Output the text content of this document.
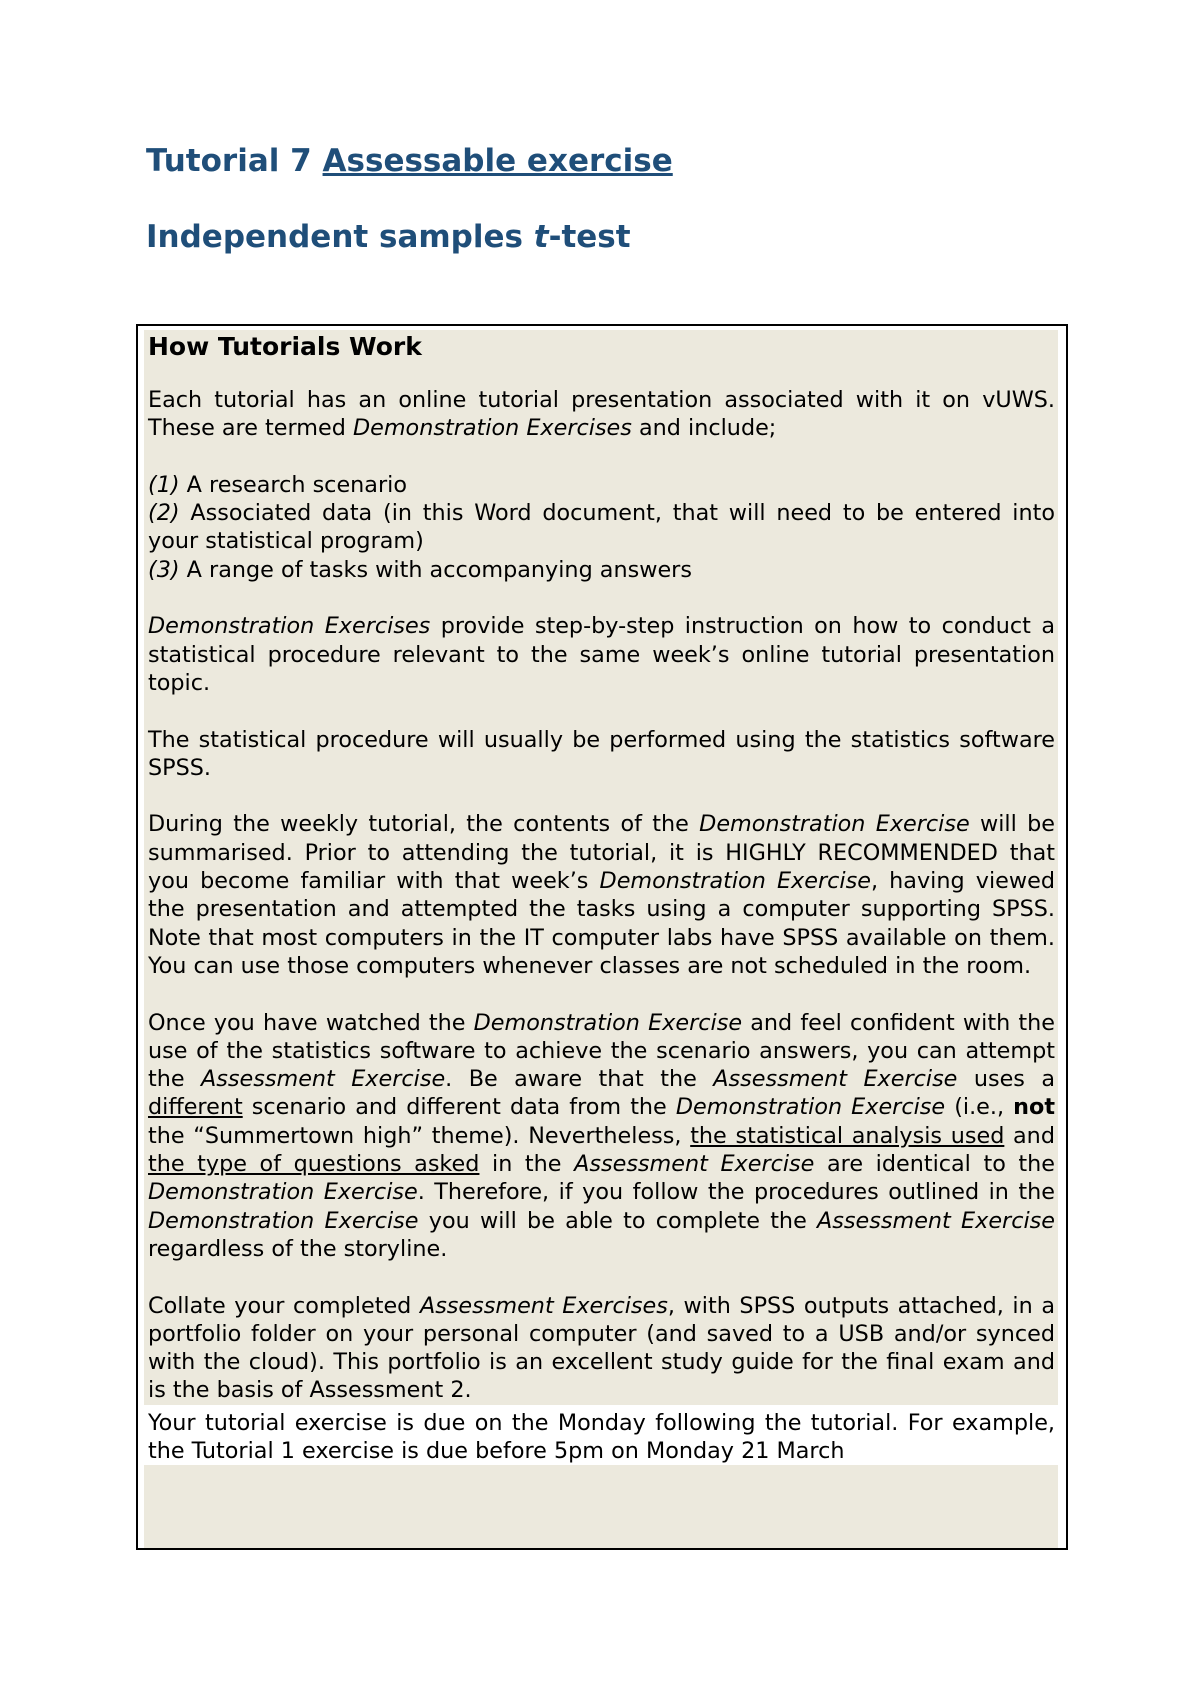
Tutorial 7 Assessable exercise
Independent samples t-test

How Tutorials Work

Each tutorial has an online tutorial presentation associated with it on vUWS. These are termed Demonstration Exercises and include;

(1) A research scenario

(2) Associated data (in this Word document, that will need to be entered into your statistical program)

(3) A range of tasks with accompanying answers

Demonstration Exercises provide step-by-step instruction on how to conduct a statistical procedure relevant to the same week’s online tutorial presentation topic.

The statistical procedure will usually be performed using the statistics software SPSS.

During the weekly tutorial, the contents of the Demonstration Exercise will be summarised. Prior to attending the tutorial, it is HIGHLY RECOMMENDED that you become familiar with that week’s Demonstration Exercise, having viewed the presentation and attempted the tasks using a computer supporting SPSS. Note that most computers in the IT computer labs have SPSS available on them. You can use those computers whenever classes are not scheduled in the room.

Once you have watched the Demonstration Exercise and feel confident with the use of the statistics software to achieve the scenario answers, you can attempt the Assessment Exercise. Be aware that the Assessment Exercise uses a different scenario and different data from the Demonstration Exercise (i.e., not the “Summertown high” theme). Nevertheless, the statistical analysis used and the type of questions asked in the Assessment Exercise are identical to the Demonstration Exercise. Therefore, if you follow the procedures outlined in the Demonstration Exercise you will be able to complete the Assessment Exercise regardless of the storyline.

Collate your completed Assessment Exercises, with SPSS outputs attached, in a portfolio folder on your personal computer (and saved to a USB and/or synced with the cloud). This portfolio is an excellent study guide for the final exam and is the basis of Assessment 2.

Your tutorial exercise is due on the Monday following the tutorial. For example, the Tutorial 1 exercise is due before 5pm on Monday 21 March
